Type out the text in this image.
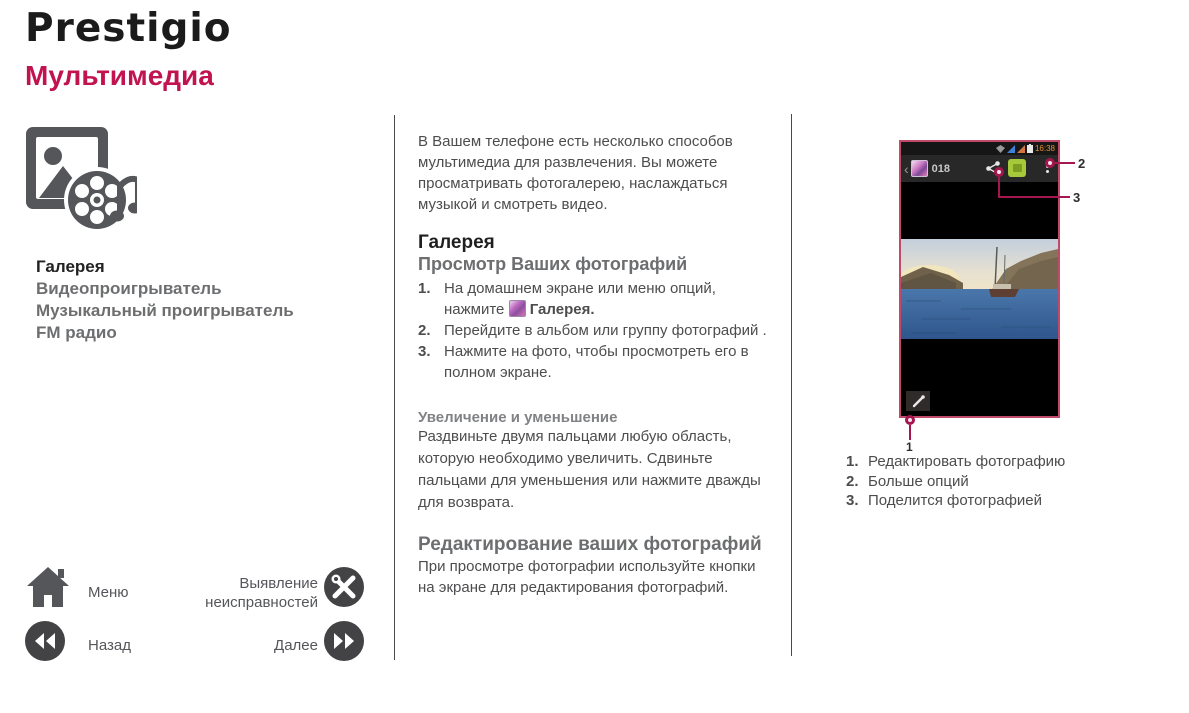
Prestigio
Мультимедиа
Галерея
Видеопроигрыватель
Музыкальный проигрыватель
FM радио
Меню
Выявление
неисправностей
Назад	Далее

В Вашем телефоне есть несколько способов мультимедиа для развлечения. Вы можете просматривать фотогалерею, наслаждаться музыкой и смотреть видео.

Галерея
Просмотр Ваших фотографий
1. На домашнем экране или меню опций,
нажмите Галерея.
2. Перейдите в альбом или группу фотографий .
3. Нажмите на фото, чтобы просмотреть его в полном экране.
Увеличение и уменьшение

Раздвиньте двумя пальцами любую область, которую необходимо увеличить. Сдвиньте пальцами для уменьшения или нажмите дважды для возврата.

Редактирование ваших фотографий

При просмотре фотографии используйте кнопки на экране для редактирования фотографий.

16:38
‹ 018	2
3
1
1. Редактировать фотографию
2. Больше опций
3. Поделится фотографией
